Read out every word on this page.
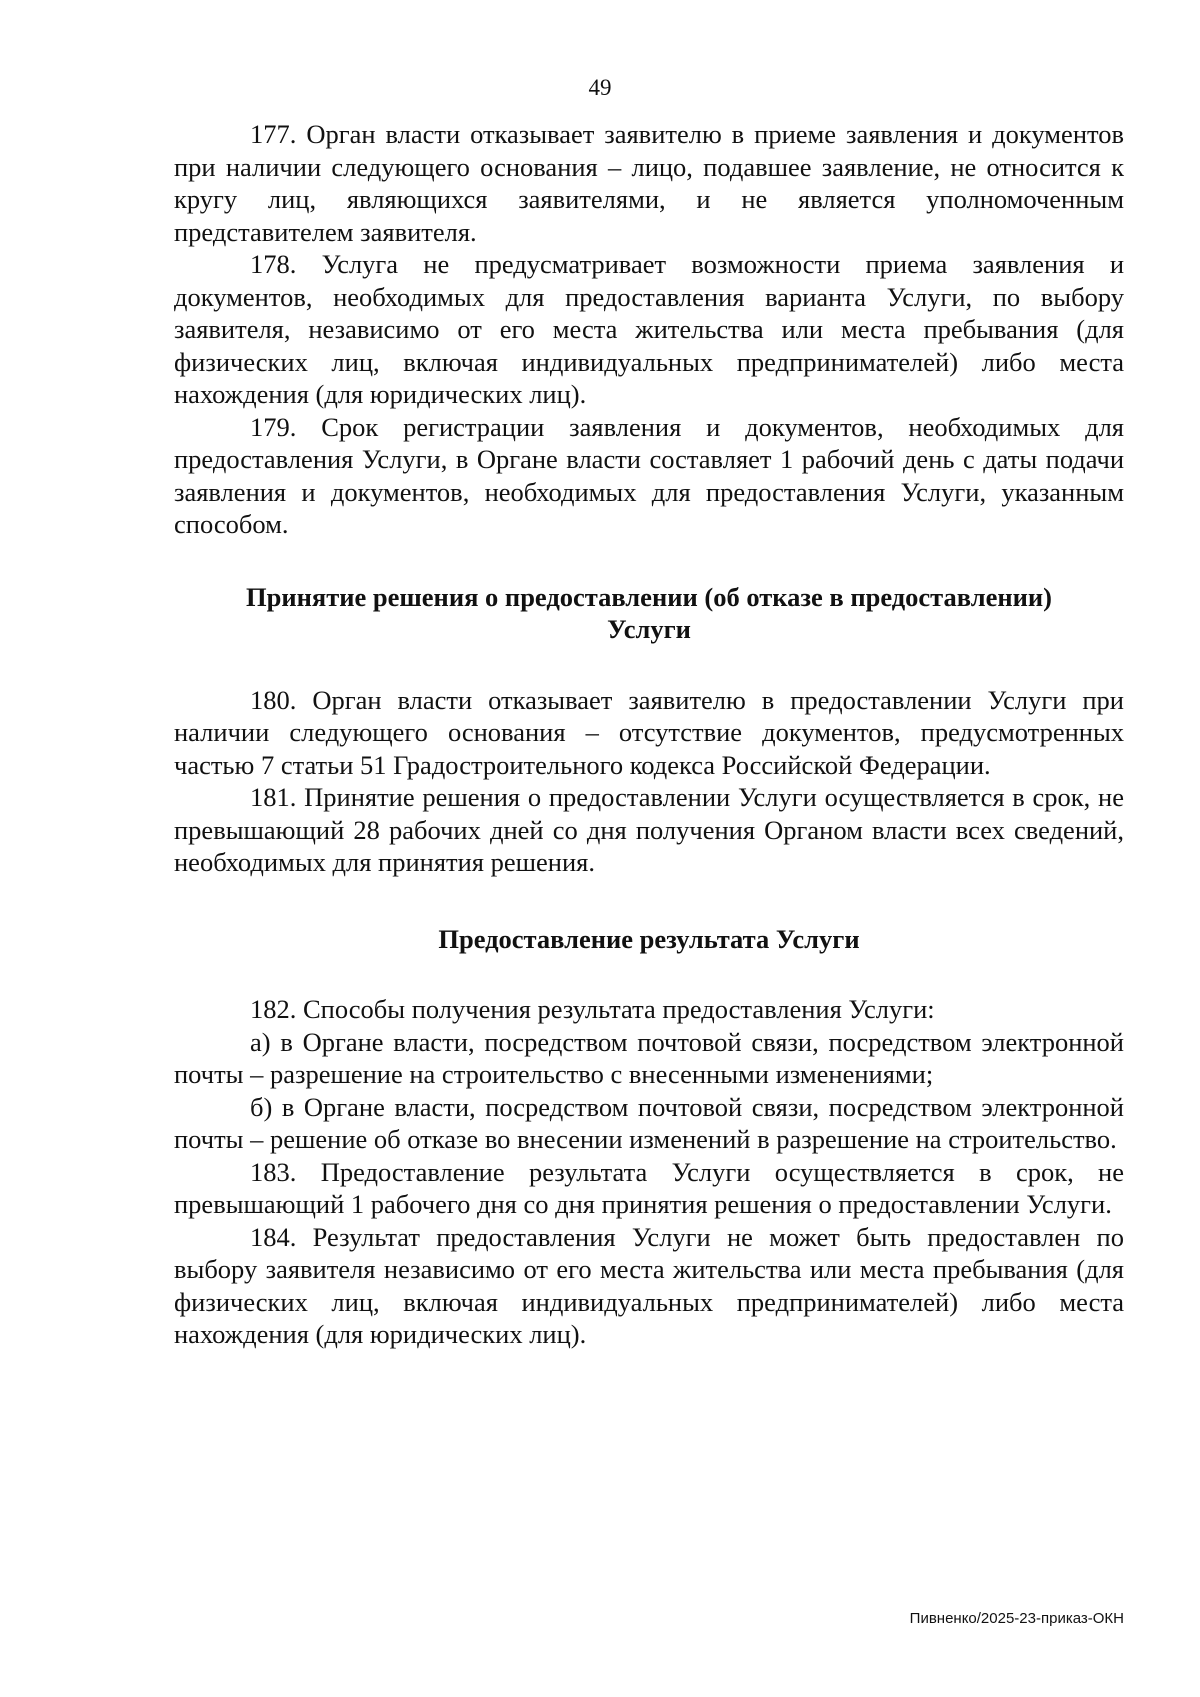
49

177. Орган власти отказывает заявителю в приеме заявления и документов при наличии следующего основания – лицо, подавшее заявление, не относится к кругу лиц, являющихся заявителями, и не является уполномоченным представителем заявителя.

178. Услуга не предусматривает возможности приема заявления и документов, необходимых для предоставления варианта Услуги, по выбору заявителя, независимо от его места жительства или места пребывания (для физических лиц, включая индивидуальных предпринимателей) либо места нахождения (для юридических лиц).

179. Срок регистрации заявления и документов, необходимых для предоставления Услуги, в Органе власти составляет 1 рабочий день с даты подачи заявления и документов, необходимых для предоставления Услуги, указанным способом.

Принятие решения о предоставлении (об отказе в предоставлении)
Услуги

180. Орган власти отказывает заявителю в предоставлении Услуги при наличии следующего основания – отсутствие документов, предусмотренных частью 7 статьи 51 Градостроительного кодекса Российской Федерации.

181. Принятие решения о предоставлении Услуги осуществляется в срок, не превышающий 28 рабочих дней со дня получения Органом власти всех сведений, необходимых для принятия решения.

Предоставление результата Услуги

182. Способы получения результата предоставления Услуги:

а) в Органе власти, посредством почтовой связи, посредством электронной почты – разрешение на строительство с внесенными изменениями;

б) в Органе власти, посредством почтовой связи, посредством электронной почты – решение об отказе во внесении изменений в разрешение на строительство.

183. Предоставление результата Услуги осуществляется в срок, не превышающий 1 рабочего дня со дня принятия решения о предоставлении Услуги.

184. Результат предоставления Услуги не может быть предоставлен по выбору заявителя независимо от его места жительства или места пребывания (для физических лиц, включая индивидуальных предпринимателей) либо места нахождения (для юридических лиц).

Пивненко/2025-23-приказ-ОКН
